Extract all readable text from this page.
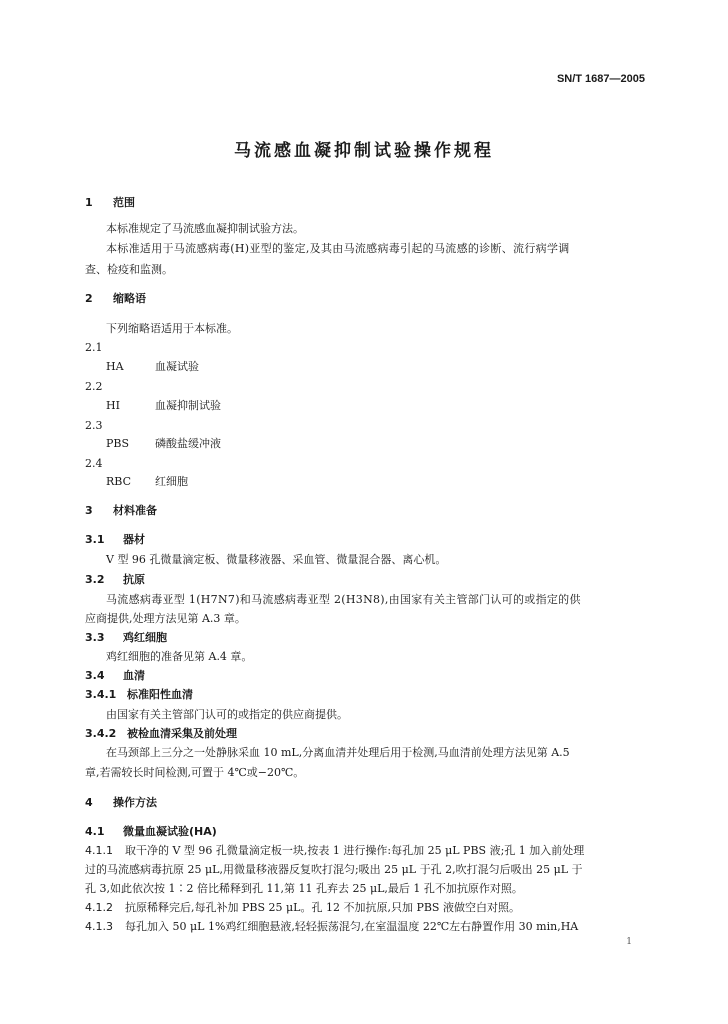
SN/T 1687—2005
马流感血凝抑制试验操作规程
1 范围
本标准规定了马流感血凝抑制试验方法。
本标准适用于马流感病毒(H)亚型的鉴定,及其由马流感病毒引起的马流感的诊断、流行病学调
查、检疫和监测。
2 缩略语
下列缩略语适用于本标准。
2.1
HA	血凝试验
2.2
HI	血凝抑制试验
2.3
PBS 磷酸盐缓冲液
2.4
RBC 红细胞
3 材料准备
3.1 器材
V 型 96 孔微量滴定板、微量移液器、采血管、微量混合器、离心机。
3.2 抗原
马流感病毒亚型 1(H7N7)和马流感病毒亚型 2(H3N8),由国家有关主管部门认可的或指定的供
应商提供,处理方法见第 A.3 章。
3.3 鸡红细胞
鸡红细胞的准备见第 A.4 章。
3.4 血清
3.4.1 标准阳性血清
由国家有关主管部门认可的或指定的供应商提供。
3.4.2 被检血清采集及前处理
在马颈部上三分之一处静脉采血 10 mL,分离血清并处理后用于检测,马血清前处理方法见第 A.5
章,若需较长时间检测,可置于 4℃或−20℃。
4 操作方法
4.1 微量血凝试验(HA)
4.1.1 取干净的 V 型 96 孔微量滴定板一块,按表 1 进行操作:每孔加 25 μL PBS 液;孔 1 加入前处理
过的马流感病毒抗原 25 μL,用微量移液器反复吹打混匀;吸出 25 μL 于孔 2,吹打混匀后吸出 25 μL 于
孔 3,如此依次按 1∶2 倍比稀释到孔 11,第 11 孔弃去 25 μL,最后 1 孔不加抗原作对照。
4.1.2 抗原稀释完后,每孔补加 PBS 25 μL。孔 12 不加抗原,只加 PBS 液做空白对照。
4.1.3 每孔加入 50 μL 1%鸡红细胞悬液,轻轻振荡混匀,在室温温度 22℃左右静置作用 30 min,HA
1
